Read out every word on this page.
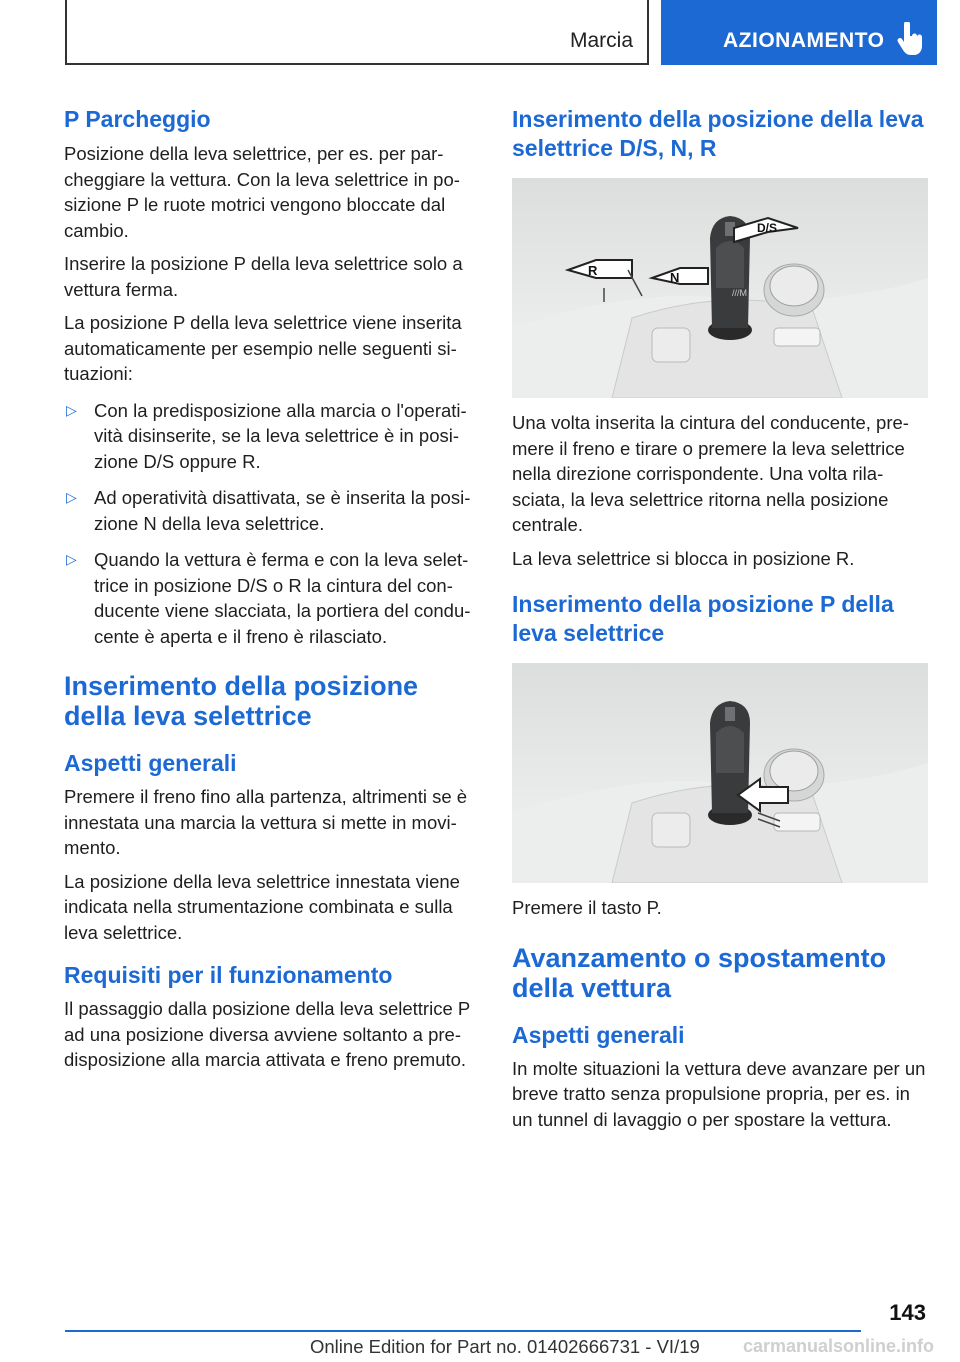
Marcia	AZIONAMENTO
P Parcheggio

Posizione della leva selettrice, per es. per par-cheggiare la vettura. Con la leva selettrice in po-sizione P le ruote motrici vengono bloccate dal cambio.

Inserire la posizione P della leva selettrice solo a vettura ferma.

La posizione P della leva selettrice viene inserita automaticamente per esempio nelle seguenti si-tuazioni:

▷ Con la predisposizione alla marcia o l'operati-vità disinserite, se la leva selettrice è in posi-zione D/S oppure R.
▷ Ad operatività disattivata, se è inserita la posi-zione N della leva selettrice.
▷ Quando la vettura è ferma e con la leva selet-trice in posizione D/S o R la cintura del con-ducente viene slacciata, la portiera del condu-cente è aperta e il freno è rilasciato.
Inserimento della posizione della leva selettrice
Aspetti generali

Premere il freno fino alla partenza, altrimenti se è innestata una marcia la vettura si mette in movi-mento.

La posizione della leva selettrice innestata viene indicata nella strumentazione combinata e sulla leva selettrice.

Requisiti per il funzionamento

Il passaggio dalla posizione della leva selettrice P ad una posizione diversa avviene soltanto a pre-disposizione alla marcia attivata e freno premuto.

Inserimento della posizione della leva selettrice D/S, N, R
///M
R	N
D/S

Una volta inserita la cintura del conducente, pre-mere il freno e tirare o premere la leva selettrice nella direzione corrispondente. Una volta rila-sciata, la leva selettrice ritorna nella posizione centrale.

La leva selettrice si blocca in posizione R.

Inserimento della posizione P della leva selettrice

Premere il tasto P.

Avanzamento o spostamento della vettura
Aspetti generali

In molte situazioni la vettura deve avanzare per un breve tratto senza propulsione propria, per es. in un tunnel di lavaggio o per spostare la vettura.

143
Online Edition for Part no. 01402666731 - VI/19 carmanualsonline.info
